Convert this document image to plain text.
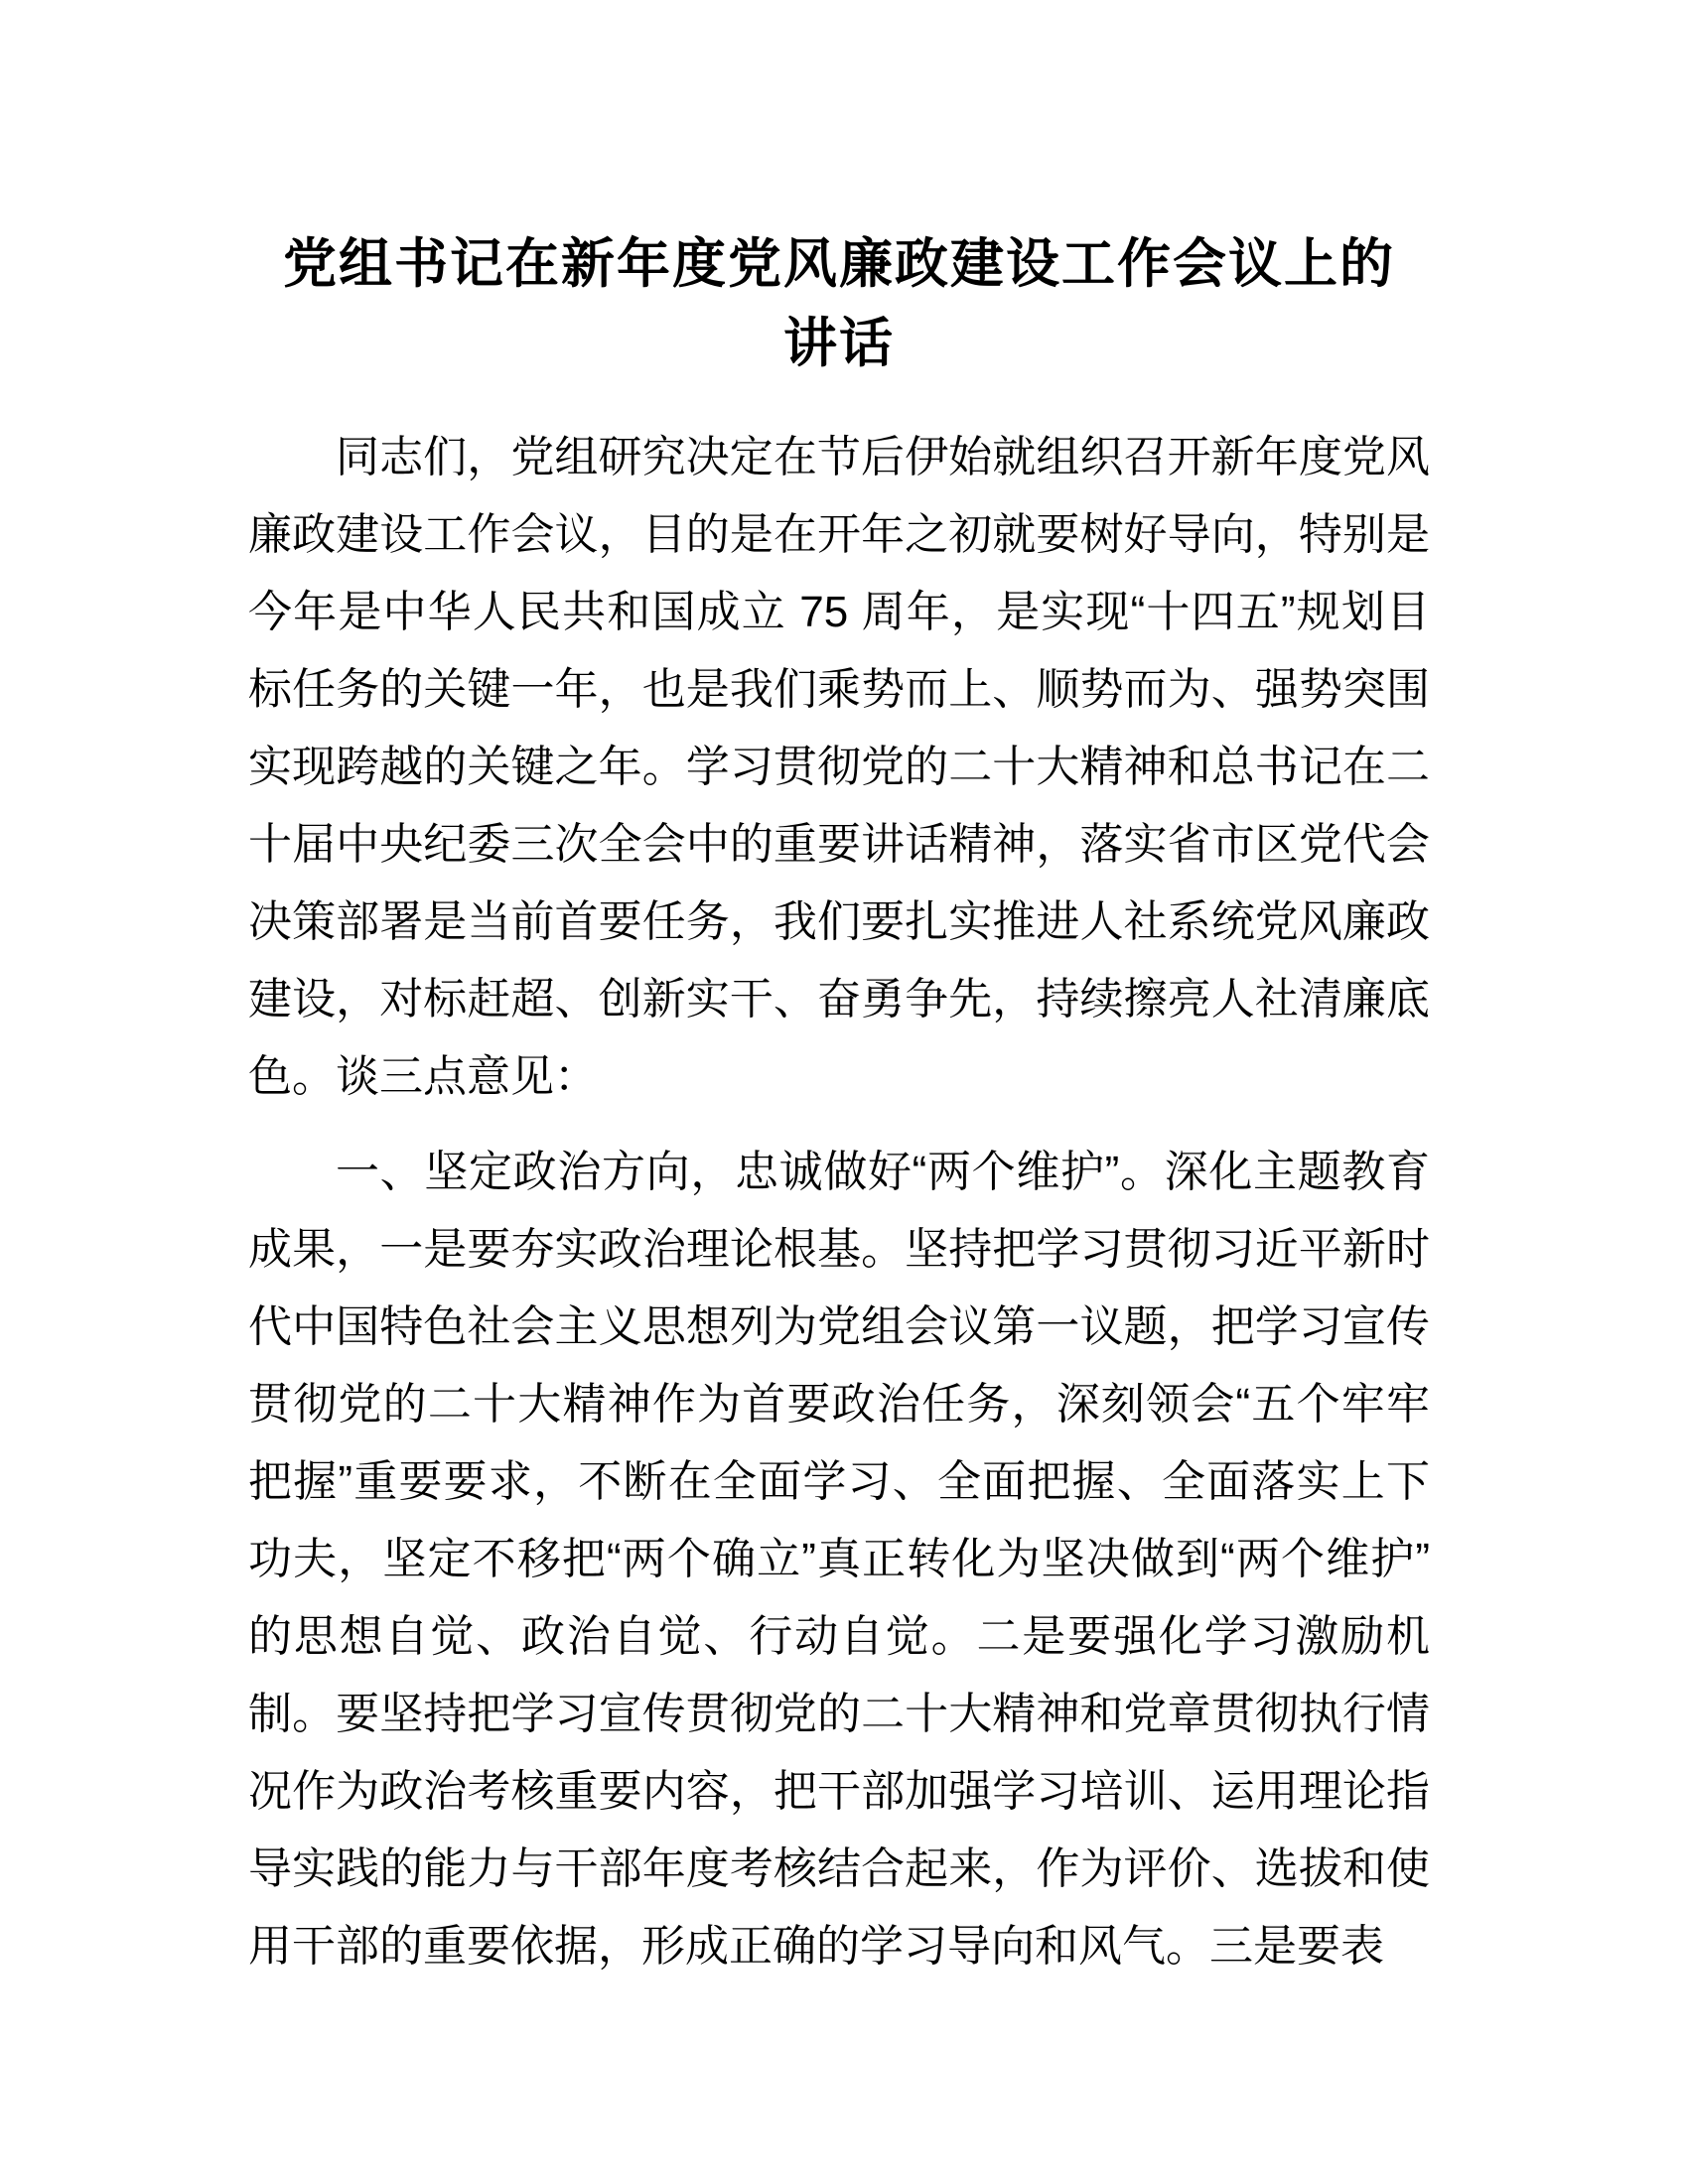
党组书记在新年度党风廉政建设工作会议上的
讲话

同志们，党组研究决定在节后伊始就组织召开新年度党风廉政建设工作会议，目的是在开年之初就要树好导向，特别是今年是中华人民共和国成立 75 周年，是实现“十四五”规划目标任务的关键一年，也是我们乘势而上、顺势而为、强势突围实现跨越的关键之年。学习贯彻党的二十大精神和总书记在二十届中央纪委三次全会中的重要讲话精神，落实省市区党代会决策部署是当前首要任务，我们要扎实推进人社系统党风廉政建设，对标赶超、创新实干、奋勇争先，持续擦亮人社清廉底色。谈三点意见：

一、坚定政治方向，忠诚做好“两个维护”。深化主题教育成果，一是要夯实政治理论根基。坚持把学习贯彻习近平新时代中国特色社会主义思想列为党组会议第一议题，把学习宣传贯彻党的二十大精神作为首要政治任务，深刻领会“五个牢牢把握”重要要求，不断在全面学习、全面把握、全面落实上下功夫，坚定不移把“两个确立”真正转化为坚决做到“两个维护”的思想自觉、政治自觉、行动自觉。二是要强化学习激励机制。要坚持把学习宣传贯彻党的二十大精神和党章贯彻执行情况作为政治考核重要内容，把干部加强学习培训、运用理论指导实践的能力与干部年度考核结合起来，作为评价、选拔和使用干部的重要依据，形成正确的学习导向和风气。三是要表
